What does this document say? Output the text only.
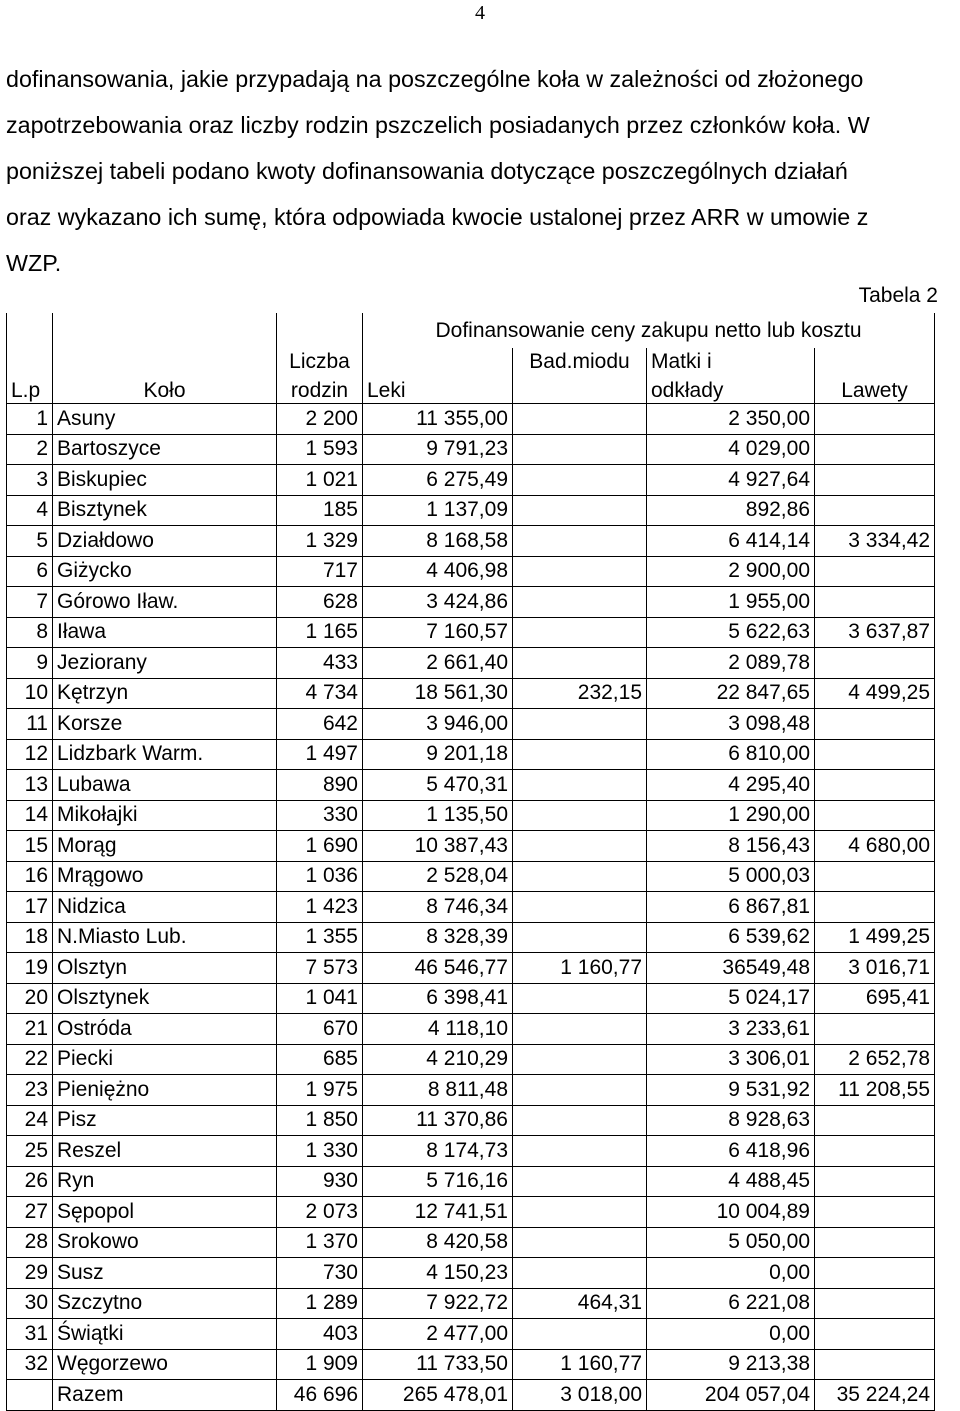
4

dofinansowania, jakie przypadają na poszczególne koła w zależności od złożonego
zapotrzebowania oraz liczby rodzin pszczelich posiadanych przez członków koła. W
poniższej tabeli podano kwoty dofinansowania dotyczące poszczególnych działań
oraz wykazano ich sumę, która odpowiada kwocie ustalonej przez ARR w umowie z
WZP.

Tabela 2
			Dofinansowanie ceny zakupu netto lub kosztu			
		Liczba		Bad.miodu	Matki i	
L.p	Koło	rodzin	Leki		odkłady	Lawety
1	Asuny	2 200	11 355,00		2 350,00	
2	Bartoszyce	1 593	9 791,23		4 029,00	
3	Biskupiec	1 021	6 275,49		4 927,64	
4	Bisztynek	185	1 137,09		892,86	
5	Działdowo	1 329	8 168,58		6 414,14	3 334,42
6	Giżycko	717	4 406,98		2 900,00	
7	Górowo Iław.	628	3 424,86		1 955,00	
8	Iława	1 165	7 160,57		5 622,63	3 637,87
9	Jeziorany	433	2 661,40		2 089,78	
10	Kętrzyn	4 734	18 561,30	232,15	22 847,65	4 499,25
11	Korsze	642	3 946,00		3 098,48	
12	Lidzbark Warm.	1 497	9 201,18		6 810,00	
13	Lubawa	890	5 470,31		4 295,40	
14	Mikołajki	330	1 135,50		1 290,00	
15	Morąg	1 690	10 387,43		8 156,43	4 680,00
16	Mrągowo	1 036	2 528,04		5 000,03	
17	Nidzica	1 423	8 746,34		6 867,81	
18	N.Miasto Lub.	1 355	8 328,39		6 539,62	1 499,25
19	Olsztyn	7 573	46 546,77	1 160,77	36549,48	3 016,71
20	Olsztynek	1 041	6 398,41		5 024,17	695,41
21	Ostróda	670	4 118,10		3 233,61	
22	Piecki	685	4 210,29		3 306,01	2 652,78
23	Pieniężno	1 975	8 811,48		9 531,92	11 208,55
24	Pisz	1 850	11 370,86		8 928,63	
25	Reszel	1 330	8 174,73		6 418,96	
26	Ryn	930	5 716,16		4 488,45	
27	Sępopol	2 073	12 741,51		10 004,89	
28	Srokowo	1 370	8 420,58		5 050,00	
29	Susz	730	4 150,23		0,00	
30	Szczytno	1 289	7 922,72	464,31	6 221,08	
31	Świątki	403	2 477,00		0,00	
32	Węgorzewo	1 909	11 733,50	1 160,77	9 213,38	
	Razem	46 696	265 478,01	3 018,00	204 057,04	35 224,24
